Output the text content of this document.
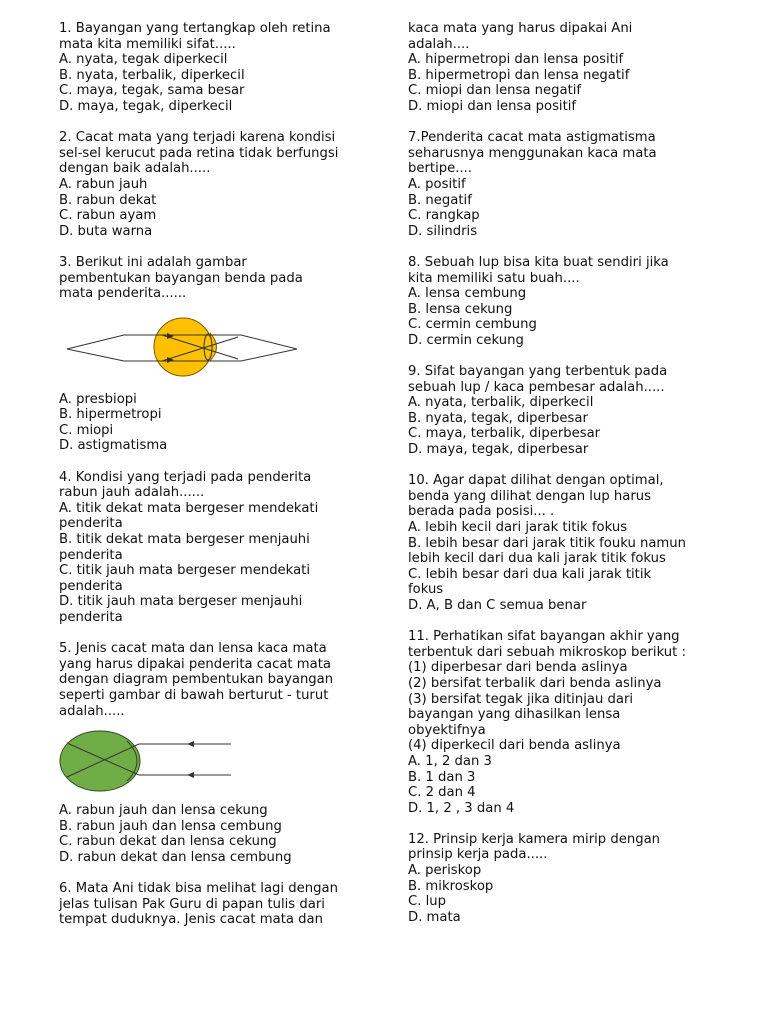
1. Bayangan yang tertangkap oleh retina
mata kita memiliki sifat.....
A. nyata, tegak diperkecil
B. nyata, terbalik, diperkecil
C. maya, tegak, sama besar
D. maya, tegak, diperkecil
2. Cacat mata yang terjadi karena kondisi
sel-sel kerucut pada retina tidak berfungsi
dengan baik adalah.....
A. rabun jauh
B. rabun dekat
C. rabun ayam
D. buta warna
3. Berikut ini adalah gambar
pembentukan bayangan benda pada
mata penderita......
A. presbiopi
B. hipermetropi
C. miopi
D. astigmatisma
4. Kondisi yang terjadi pada penderita
rabun jauh adalah......
A. titik dekat mata bergeser mendekati
penderita
B. titik dekat mata bergeser menjauhi
penderita
C. titik jauh mata bergeser mendekati
penderita
D. titik jauh mata bergeser menjauhi
penderita
5. Jenis cacat mata dan lensa kaca mata
yang harus dipakai penderita cacat mata
dengan diagram pembentukan bayangan
seperti gambar di bawah berturut - turut
adalah.....
A. rabun jauh dan lensa cekung
B. rabun jauh dan lensa cembung
C. rabun dekat dan lensa cekung
D. rabun dekat dan lensa cembung
6. Mata Ani tidak bisa melihat lagi dengan
jelas tulisan Pak Guru di papan tulis dari
tempat duduknya. Jenis cacat mata dan
kaca mata yang harus dipakai Ani
adalah....
A. hipermetropi dan lensa positif
B. hipermetropi dan lensa negatif
C. miopi dan lensa negatif
D. miopi dan lensa positif
7.Penderita cacat mata astigmatisma
seharusnya menggunakan kaca mata
bertipe....
A. positif
B. negatif
C. rangkap
D. silindris
8. Sebuah lup bisa kita buat sendiri jika
kita memiliki satu buah....
A. lensa cembung
B. lensa cekung
C. cermin cembung
D. cermin cekung
9. Sifat bayangan yang terbentuk pada
sebuah lup / kaca pembesar adalah.....
A. nyata, terbalik, diperkecil
B. nyata, tegak, diperbesar
C. maya, terbalik, diperbesar
D. maya, tegak, diperbesar
10. Agar dapat dilihat dengan optimal,
benda yang dilihat dengan lup harus
berada pada posisi... .
A. lebih kecil dari jarak titik fokus
B. lebih besar dari jarak titik fouku namun
lebih kecil dari dua kali jarak titik fokus
C. lebih besar dari dua kali jarak titik
fokus
D. A, B dan C semua benar
11. Perhatikan sifat bayangan akhir yang
terbentuk dari sebuah mikroskop berikut :
(1) diperbesar dari benda aslinya
(2) bersifat terbalik dari benda aslinya
(3) bersifat tegak jika ditinjau dari
bayangan yang dihasilkan lensa
obyektifnya
(4) diperkecil dari benda aslinya
A. 1, 2 dan 3
B. 1 dan 3
C. 2 dan 4
D. 1, 2 , 3 dan 4
12. Prinsip kerja kamera mirip dengan
prinsip kerja pada.....
A. periskop
B. mikroskop
C. lup
D. mata
